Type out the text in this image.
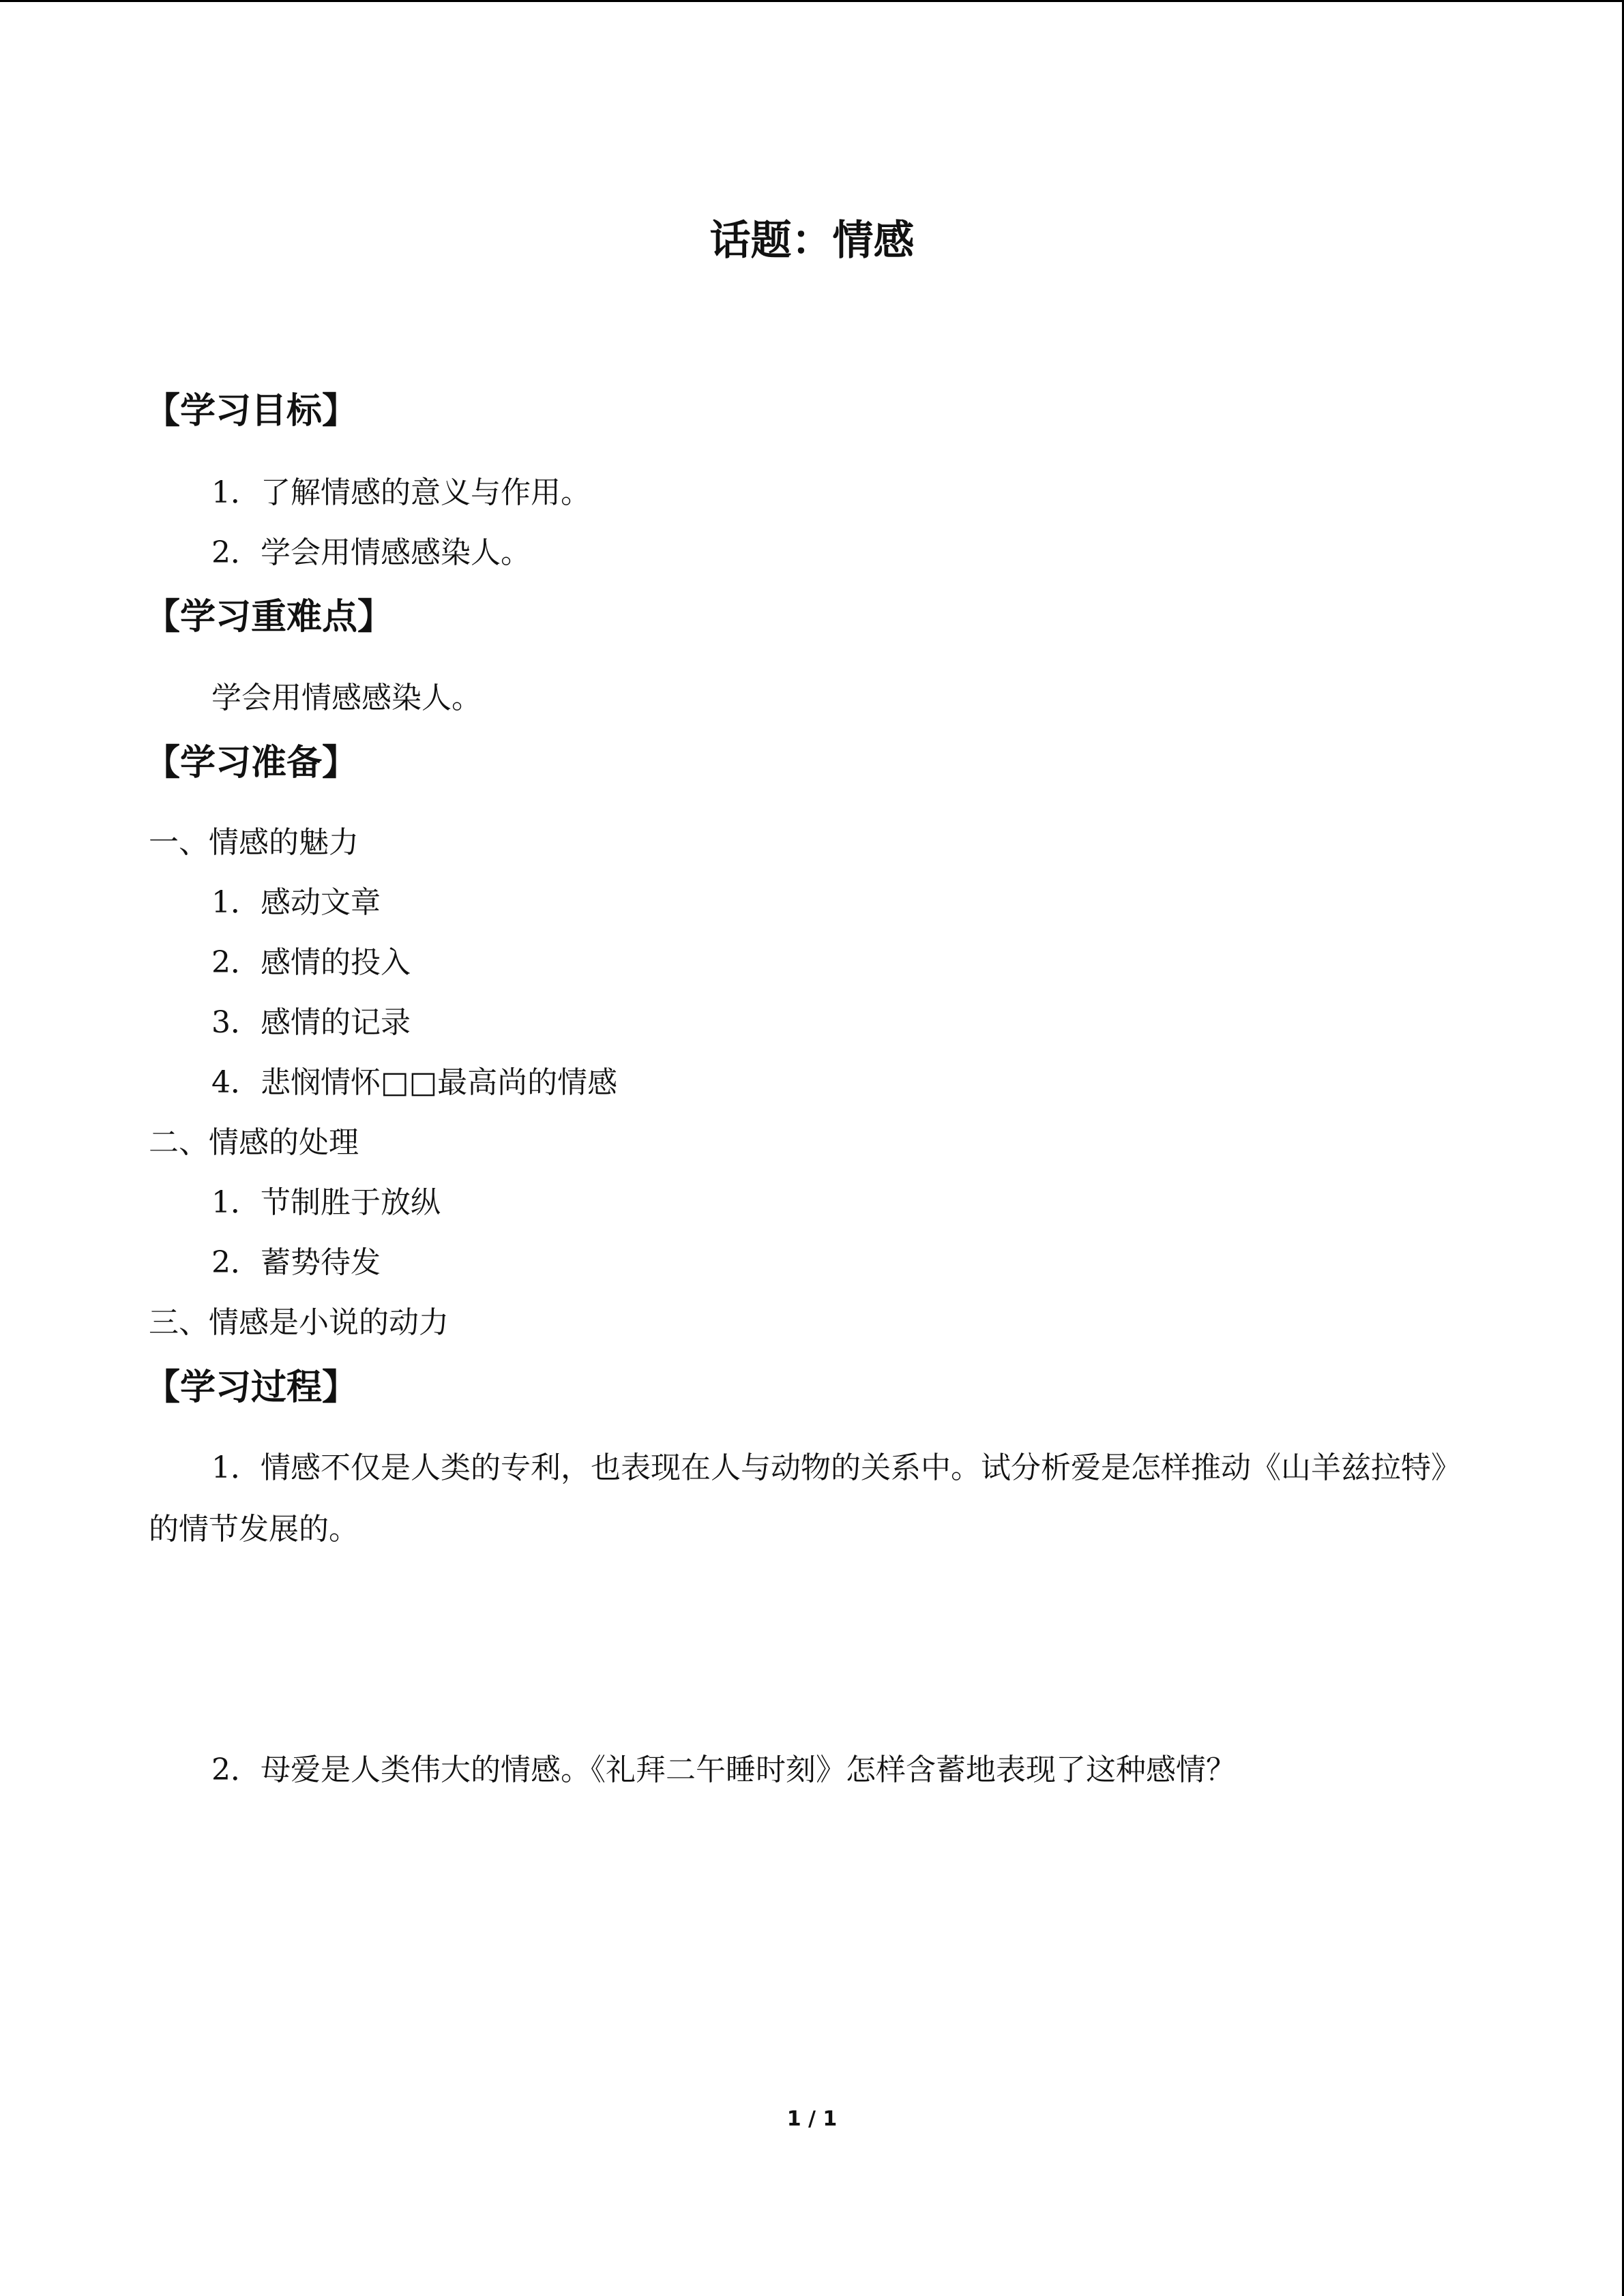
话题：情感
【学习目标】
1．了解情感的意义与作用。
2．学会用情感感染人。
【学习重难点】
学会用情感感染人。
【学习准备】
一、情感的魅力
1．感动文章
2．感情的投入
3．感情的记录
4．悲悯情怀□□最高尚的情感
二、情感的处理
1．节制胜于放纵
2．蓄势待发
三、情感是小说的动力
【学习过程】

1．情感不仅是人类的专利，也表现在人与动物的关系中。试分析爱是怎样推动《山羊兹拉特》的情节发展的。

2．母爱是人类伟大的情感。《礼拜二午睡时刻》怎样含蓄地表现了这种感情？

1 / 1
